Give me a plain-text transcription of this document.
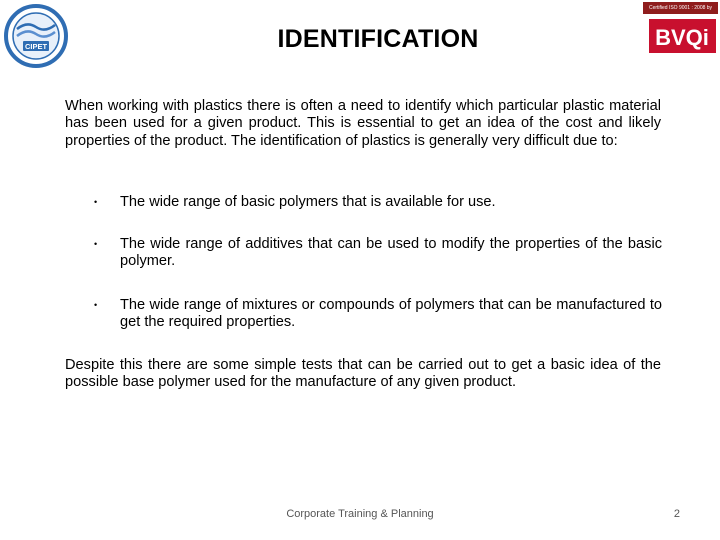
CIPET
Certified ISO 9001 : 2008 by
BVQi
IDENTIFICATION

When working with plastics there is often a need to identify which particular plastic material has been used for a given product. This is essential to get an idea of the cost and likely properties of the product. The identification of plastics is generally very difficult due to:

•	The wide range of basic polymers that is available for use.
•	The wide range of additives that can be used to modify the properties of the basic polymer.
•	The wide range of mixtures or compounds of polymers that can be manufactured to get the required properties.

Despite this there are some simple tests that can be carried out to get a basic idea of the possible base polymer used for the manufacture of any given product.

Corporate Training & Planning	2
